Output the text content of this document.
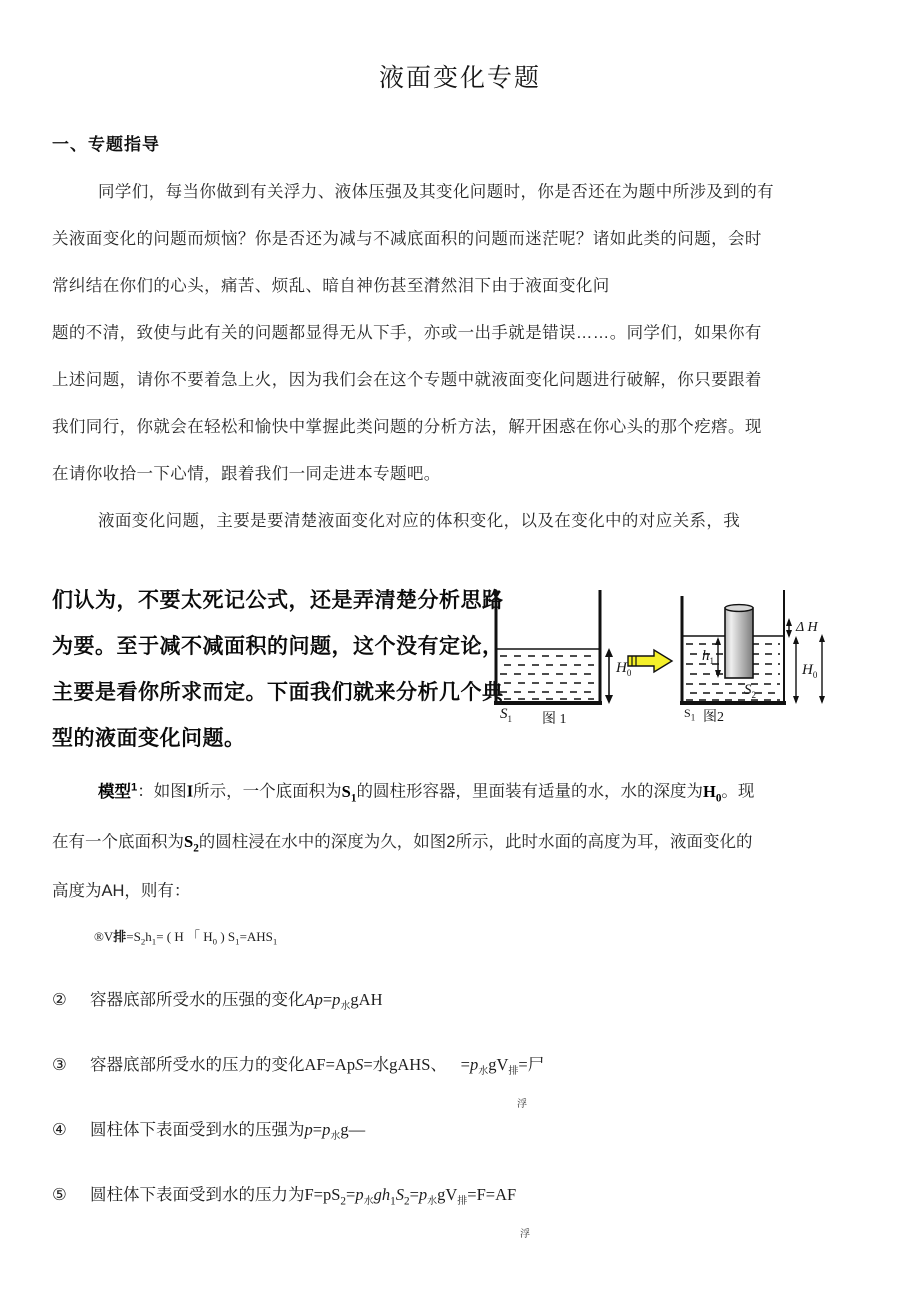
液面变化专题
一、专题指导
同学们，每当你做到有关浮力、液体压强及其变化问题时，你是否还在为题中所涉及到的有
关液面变化的问题而烦恼？你是否还为减与不减底面积的问题而迷茫呢？诸如此类的问题，会时
常纠结在你们的心头，痛苦、烦乱、暗自神伤甚至潸然泪下由于液面变化问
题的不清，致使与此有关的问题都显得无从下手，亦或一出手就是错误……。同学们，如果你有
上述问题，请你不要着急上火，因为我们会在这个专题中就液面变化问题进行破解，你只要跟着
我们同行，你就会在轻松和愉快中掌握此类问题的分析方法，解开困惑在你心头的那个疙瘩。现
在请你收拾一下心情，跟着我们一同走进本专题吧。
液面变化问题，主要是要清楚液面变化对应的体积变化，以及在变化中的对应关系，我
们认为，不要太死记公式，还是弄清楚分析思路
为要。至于减不减面积的问题，这个没有定论，
主要是看你所求而定。下面我们就来分析几个典
型的液面变化问题。
$H_0$
$S_1$ 图 1
$h_1$
$S_2$
Δ H
$H_0$
$S_1$ 图2
模型$^1$：如图I所示，一个底面积为$S_1$的圆柱形容器，里面装有适量的水，水的深度为$H_0$。现
在有一个底面积为$S_2$的圆柱浸在水中的深度为久，如图2所示，此时水面的高度为耳，液面变化的
高度为AH，则有：
®V排$=S_2h_1=$ ( H 「 $H_0$ ) $S_1=AHS_1$
② 容器底部所受水的压强的变化Ap=p水gAH
③ 容器底部所受水的压力的变化AF=ApS=水gAHS、 =p水gV排=尸
浮
④ 圆柱体下表面受到水的压强为p=p水g—
⑤ 圆柱体下表面受到水的压力为$F=pS_2=p$水$gh_1S_2=p$水gV排=F=AF
浮
